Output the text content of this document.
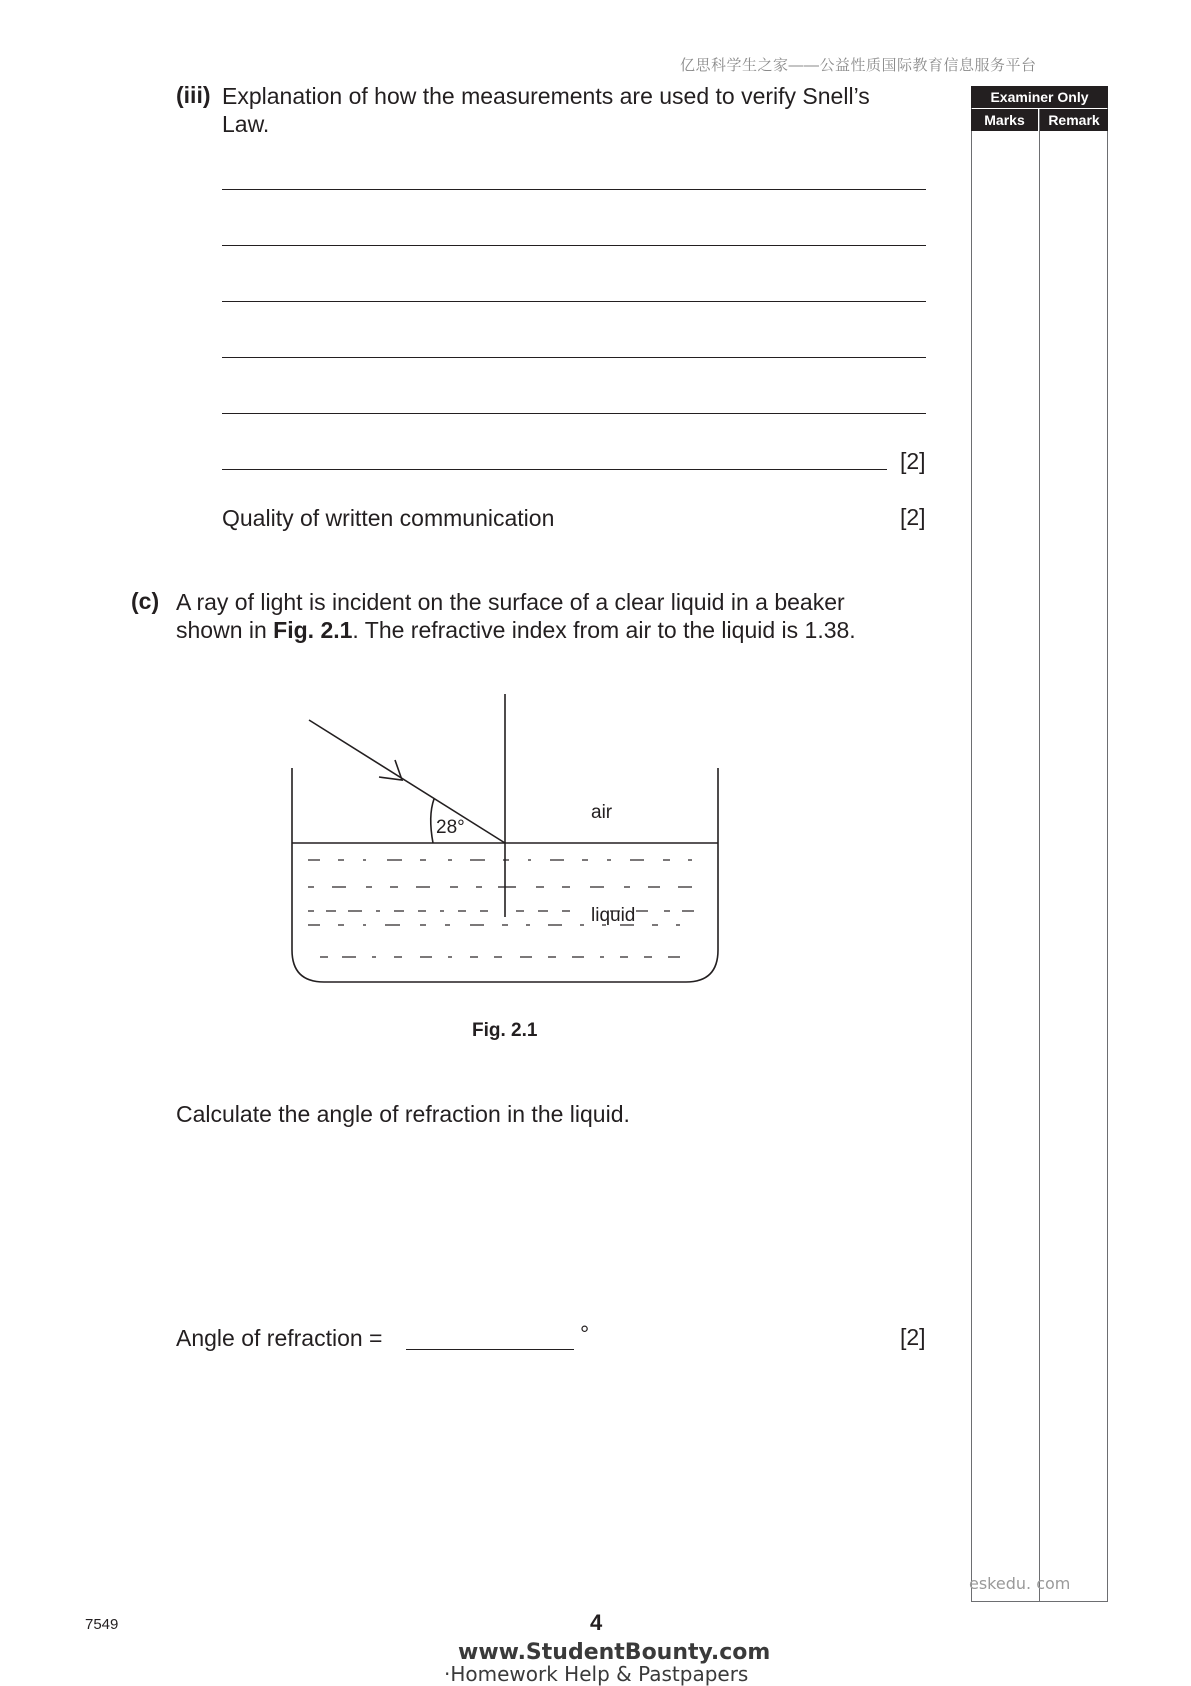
亿思科学生之家——公益性质国际教育信息服务平台
Examiner Only
Marks	Remark
(iii) Explanation of how the measurements are used to verify Snell’s
Law.
[2]
Quality of written communication	[2]
(c) A ray of light is incident on the surface of a clear liquid in a beaker
shown in Fig. 2.1. The refractive index from air to the liquid is 1.38.
28°
air
liquid
Fig. 2.1
Calculate the angle of refraction in the liquid.
Angle of refraction =	°	[2]
eskedu. com
7549	4
www.StudentBounty.com
·Homework Help & Pastpapers
